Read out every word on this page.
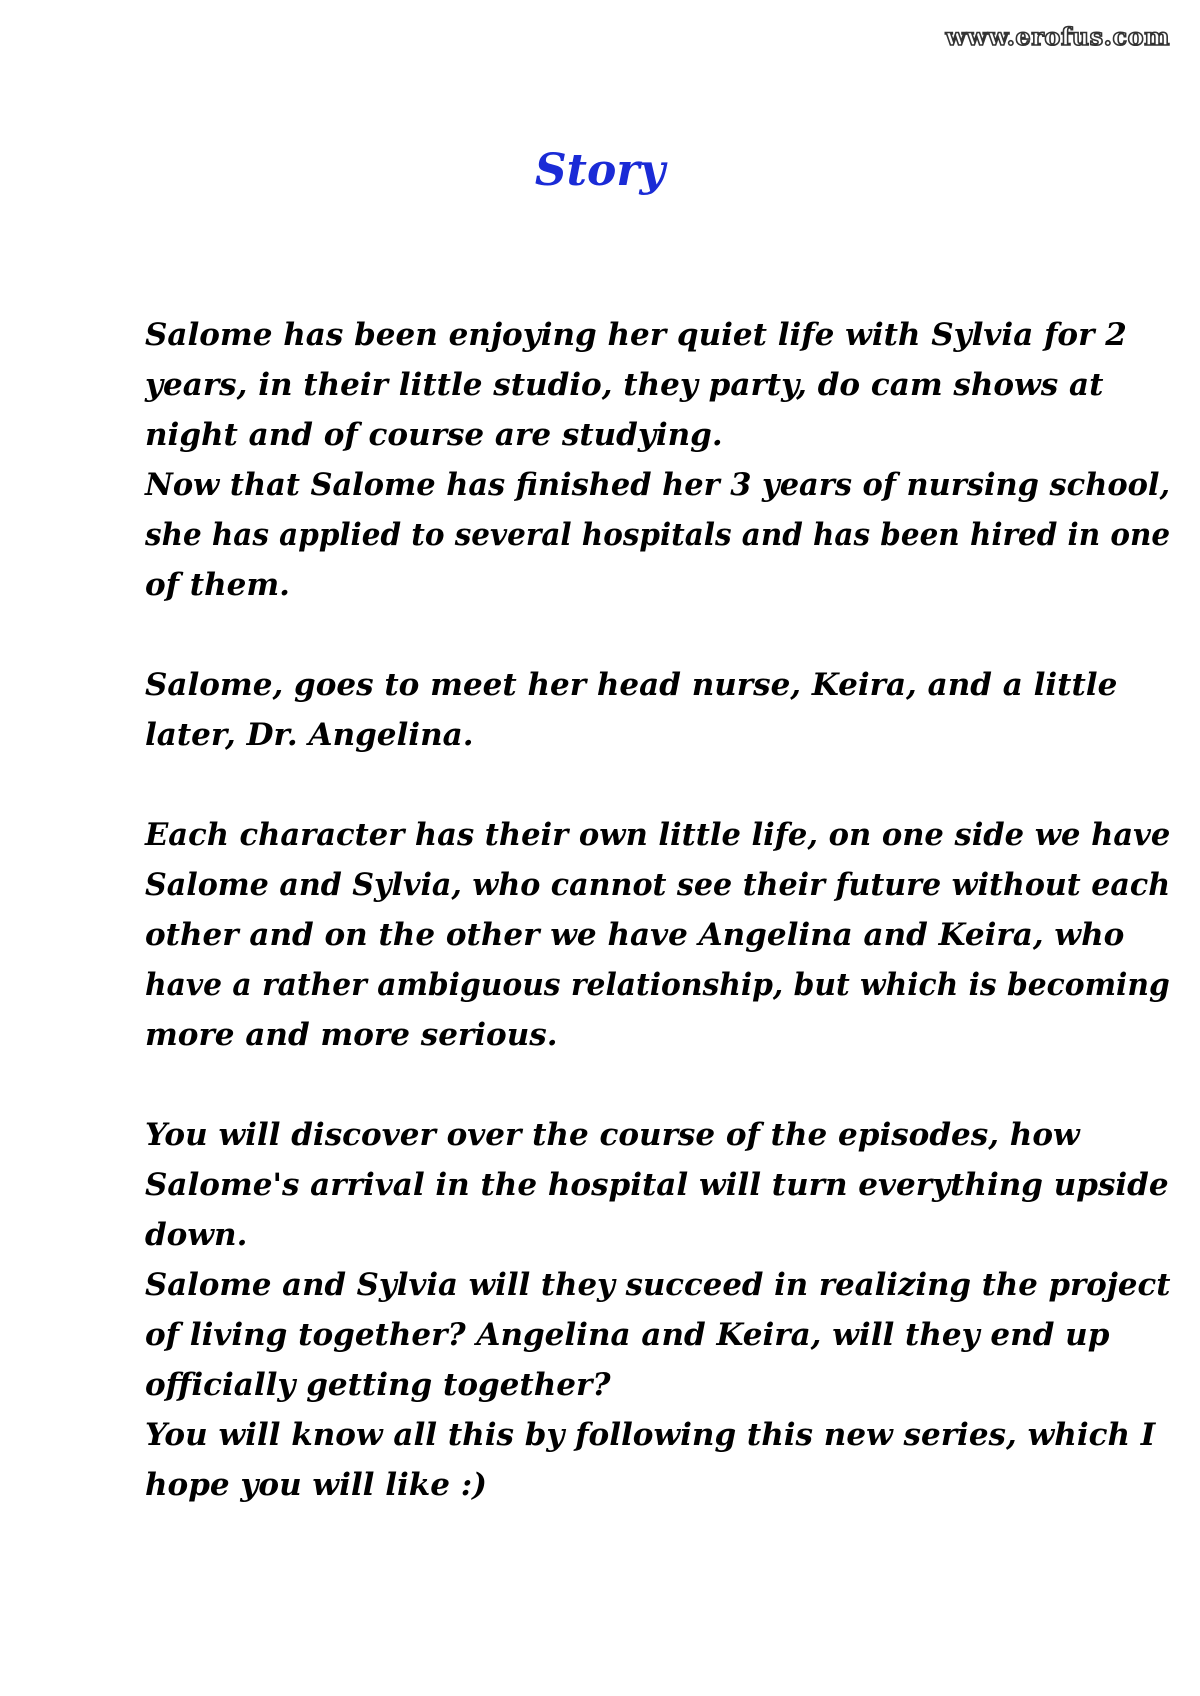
www.erofus.com
Story

Salome has been enjoying her quiet life with Sylvia for 2

years, in their little studio, they party, do cam shows at

night and of course are studying.

Now that Salome has finished her 3 years of nursing school,

she has applied to several hospitals and has been hired in one

of them.

Salome, goes to meet her head nurse, Keira, and a little

later, Dr. Angelina.

Each character has their own little life, on one side we have

Salome and Sylvia, who cannot see their future without each

other and on the other we have Angelina and Keira, who

have a rather ambiguous relationship, but which is becoming

more and more serious.

You will discover over the course of the episodes, how

Salome's arrival in the hospital will turn everything upside

down.

Salome and Sylvia will they succeed in realizing the project

of living together? Angelina and Keira, will they end up

officially getting together?

You will know all this by following this new series, which I

hope you will like :)
